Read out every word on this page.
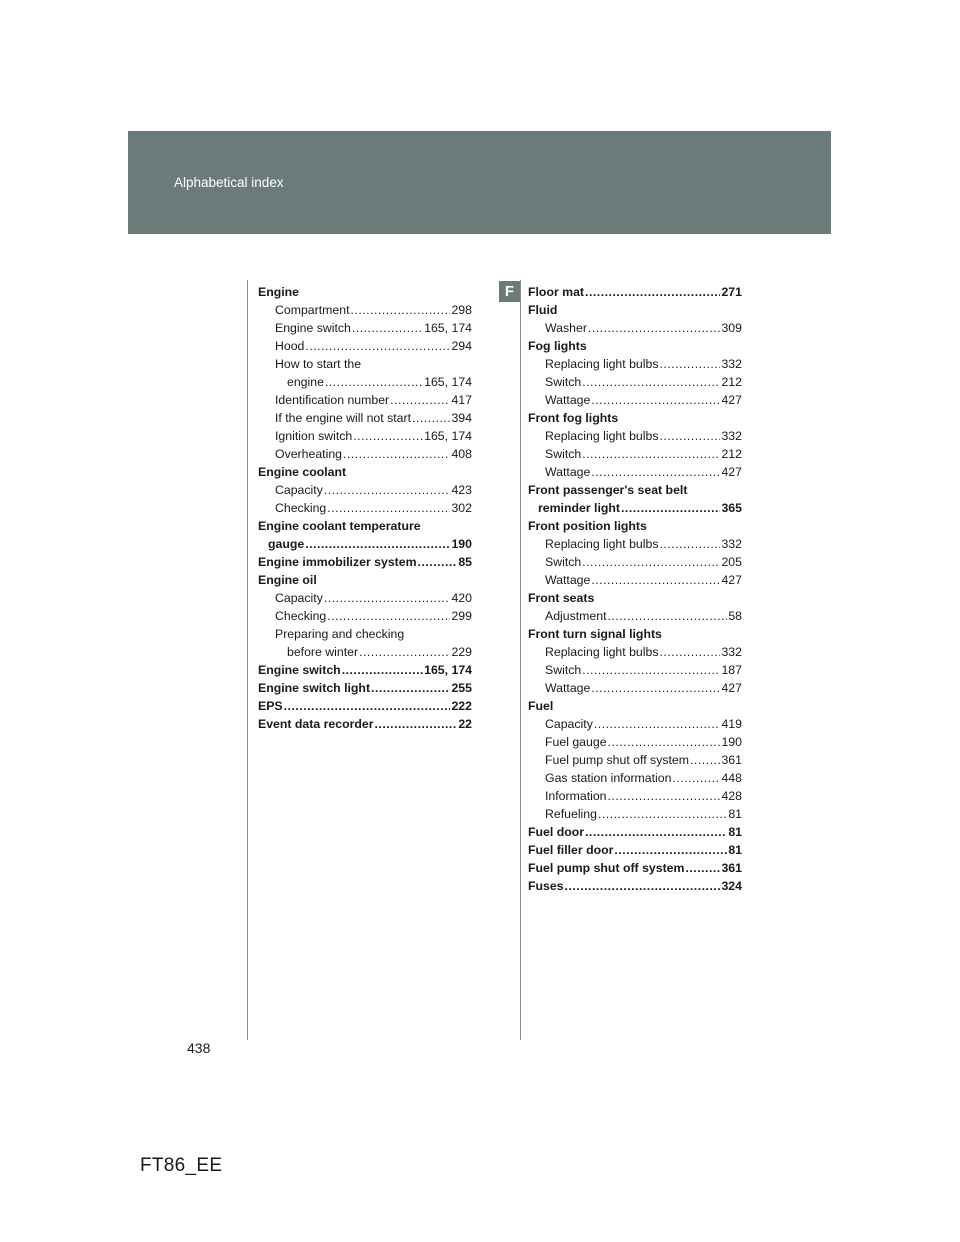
Alphabetical index
F
Engine
Compartment .....	298
Engine switch .....	165, 174
Hood .....	294
How to start the
engine .....	165, 174
Identification number .....	417
If the engine will not start .....	394
Ignition switch .....	165, 174
Overheating .....	408
Engine coolant
Capacity .....	423
Checking .....	302
Engine coolant temperature
gauge .....	190
Engine immobilizer system .....	85
Engine oil
Capacity .....	420
Checking .....	299
Preparing and checking
before winter .....	229
Engine switch .....	165, 174
Engine switch light .....	255
EPS .....	222
Event data recorder .....	22
Floor mat .....	271
Fluid
Washer .....	309
Fog lights
Replacing light bulbs .....	332
Switch .....	212
Wattage .....	427
Front fog lights
Replacing light bulbs .....	332
Switch .....	212
Wattage .....	427
Front passenger's seat belt
reminder light .....	365
Front position lights
Replacing light bulbs .....	332
Switch .....	205
Wattage .....	427
Front seats
Adjustment .....	58
Front turn signal lights
Replacing light bulbs .....	332
Switch .....	187
Wattage .....	427
Fuel
Capacity .....	419
Fuel gauge .....	190
Fuel pump shut off system .....	361
Gas station information .....	448
Information .....	428
Refueling .....	81
Fuel door .....	81
Fuel filler door .....	81
Fuel pump shut off system .....	361
Fuses .....	324
438
FT86_EE
